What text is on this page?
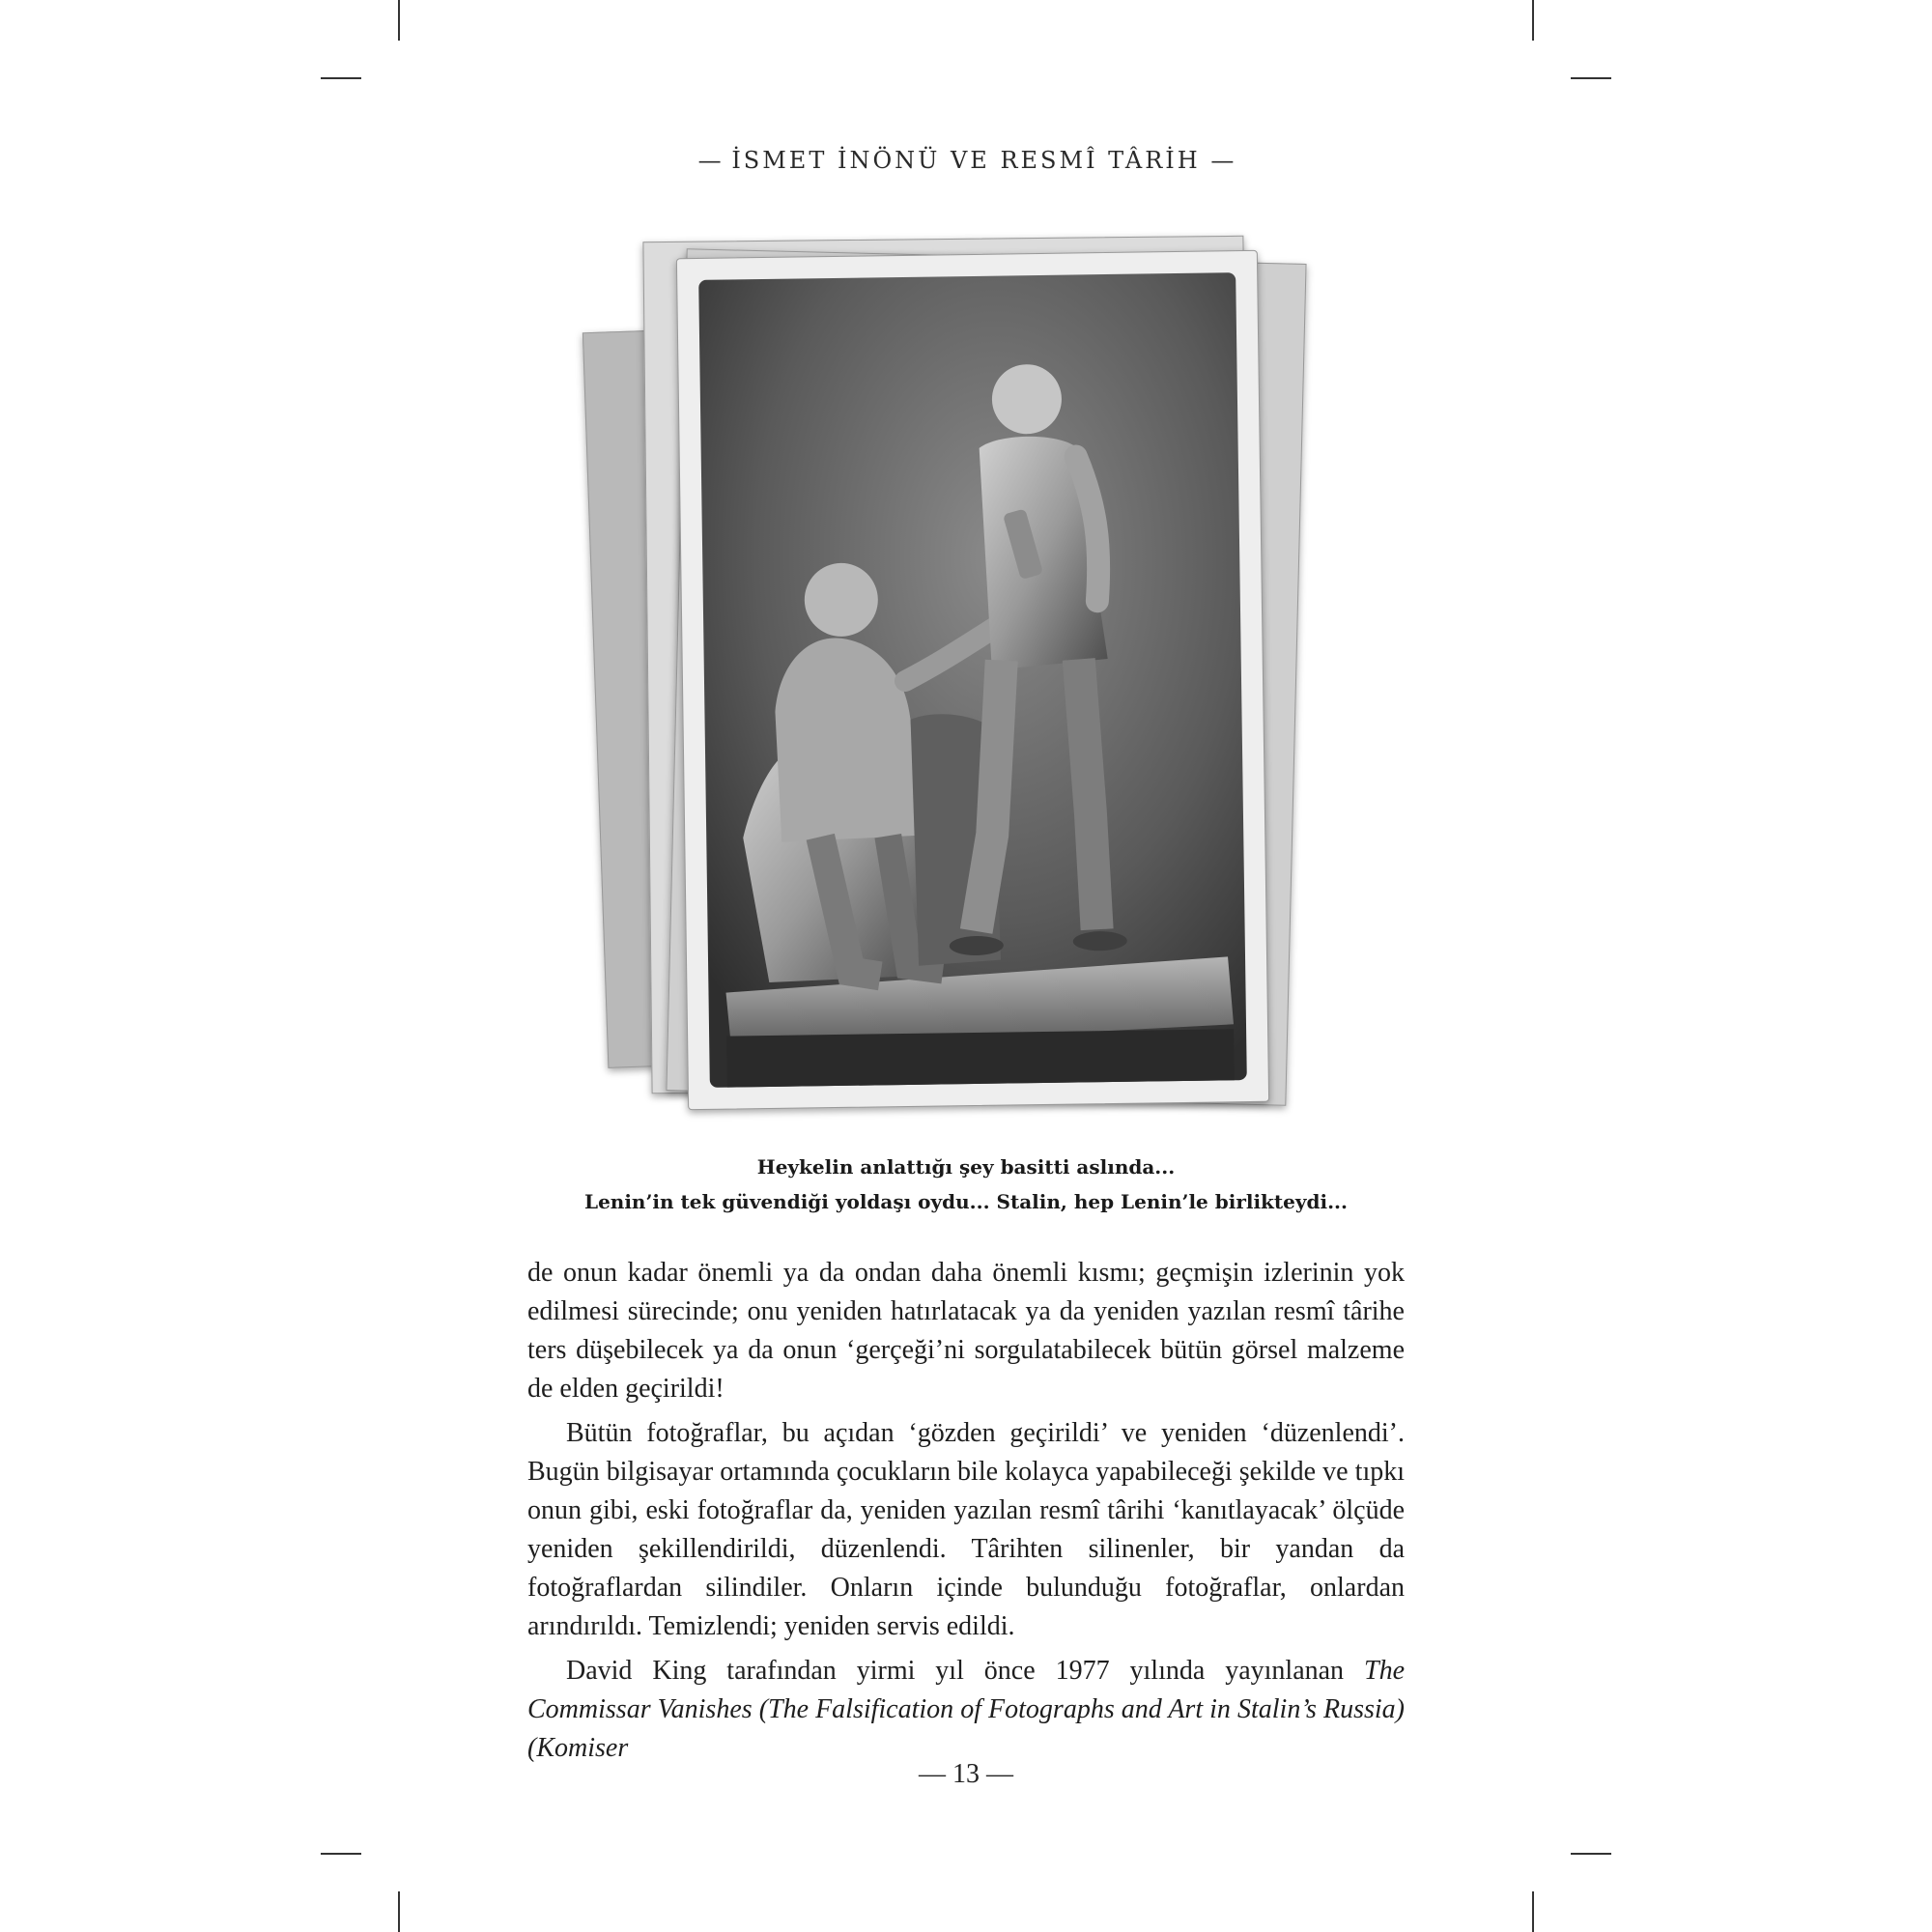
— İSMET İNÖNÜ VE RESMÎ TÂRİH —
Heykelin anlattığı şey basitti aslında...
Lenin’in tek güvendiği yoldaşı oydu... Stalin, hep Lenin’le birlikteydi...

de onun kadar önemli ya da ondan daha önemli kısmı; geçmişin izlerinin yok edilmesi sürecinde; onu yeniden hatırlatacak ya da yeniden yazılan resmî târihe ters düşebilecek ya da onun ‘gerçeği’ni sorgulatabilecek bütün görsel malzeme de elden geçirildi!

Bütün fotoğraflar, bu açıdan ‘gözden geçirildi’ ve yeniden ‘düzenlendi’. Bugün bilgisayar ortamında çocukların bile kolayca yapabileceği şekilde ve tıpkı onun gibi, eski fotoğraflar da, yeniden yazılan resmî târihi ‘kanıtlayacak’ ölçüde yeniden şekillendirildi, düzenlendi. Târihten silinenler, bir yandan da fotoğraflardan silindiler. Onların içinde bulunduğu fotoğraflar, onlardan arındırıldı. Temizlendi; yeniden servis edildi.

David King tarafından yirmi yıl önce 1977 yılında yayınlanan The Commissar Vanishes (The Falsification of Fotographs and Art in Stalin’s Russia) (Komiser

— 13 —
